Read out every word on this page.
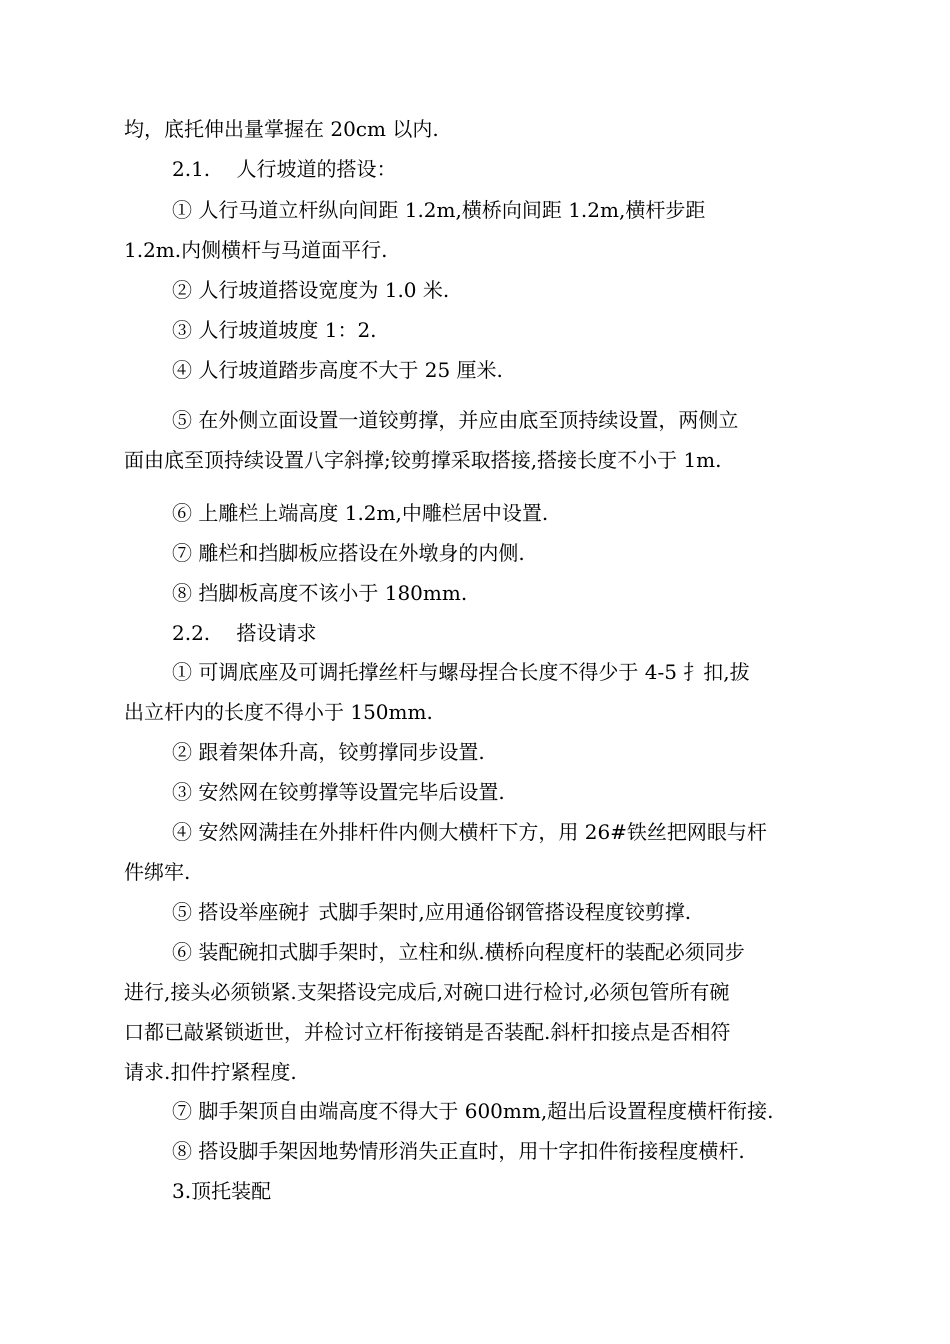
均，底托伸出量掌握在 20cm 以内.
2.1.　 人行坡道的搭设：
① 人行马道立杆纵向间距 1.2m,横桥向间距 1.2m,横杆步距
1.2m.内侧横杆与马道面平行.
② 人行坡道搭设宽度为 1.0 米.
③ 人行坡道坡度 1：2.
④ 人行坡道踏步高度不大于 25 厘米.
⑤ 在外侧立面设置一道铰剪撑，并应由底至顶持续设置，两侧立
面由底至顶持续设置八字斜撑;铰剪撑采取搭接,搭接长度不小于 1m.
⑥ 上雕栏上端高度 1.2m,中雕栏居中设置.
⑦ 雕栏和挡脚板应搭设在外墩身的内侧.
⑧ 挡脚板高度不该小于 180mm.
2.2.　 搭设请求
① 可调底座及可调托撑丝杆与螺母捏合长度不得少于 4-5 扌扣,拔
出立杆内的长度不得小于 150mm.
② 跟着架体升高，铰剪撑同步设置.
③ 安然网在铰剪撑等设置完毕后设置.
④ 安然网满挂在外排杆件内侧大横杆下方，用 26#铁丝把网眼与杆
件绑牢.
⑤ 搭设举座碗扌式脚手架时,应用通俗钢管搭设程度铰剪撑.
⑥ 装配碗扣式脚手架时，立柱和纵.横桥向程度杆的装配必须同步
进行,接头必须锁紧.支架搭设完成后,对碗口进行检讨,必须包管所有碗
口都已敲紧锁逝世，并检讨立杆衔接销是否装配.斜杆扣接点是否相符
请求.扣件拧紧程度.
⑦ 脚手架顶自由端高度不得大于 600mm,超出后设置程度横杆衔接.
⑧ 搭设脚手架因地势情形消失正直时，用十字扣件衔接程度横杆.
3.顶托装配
